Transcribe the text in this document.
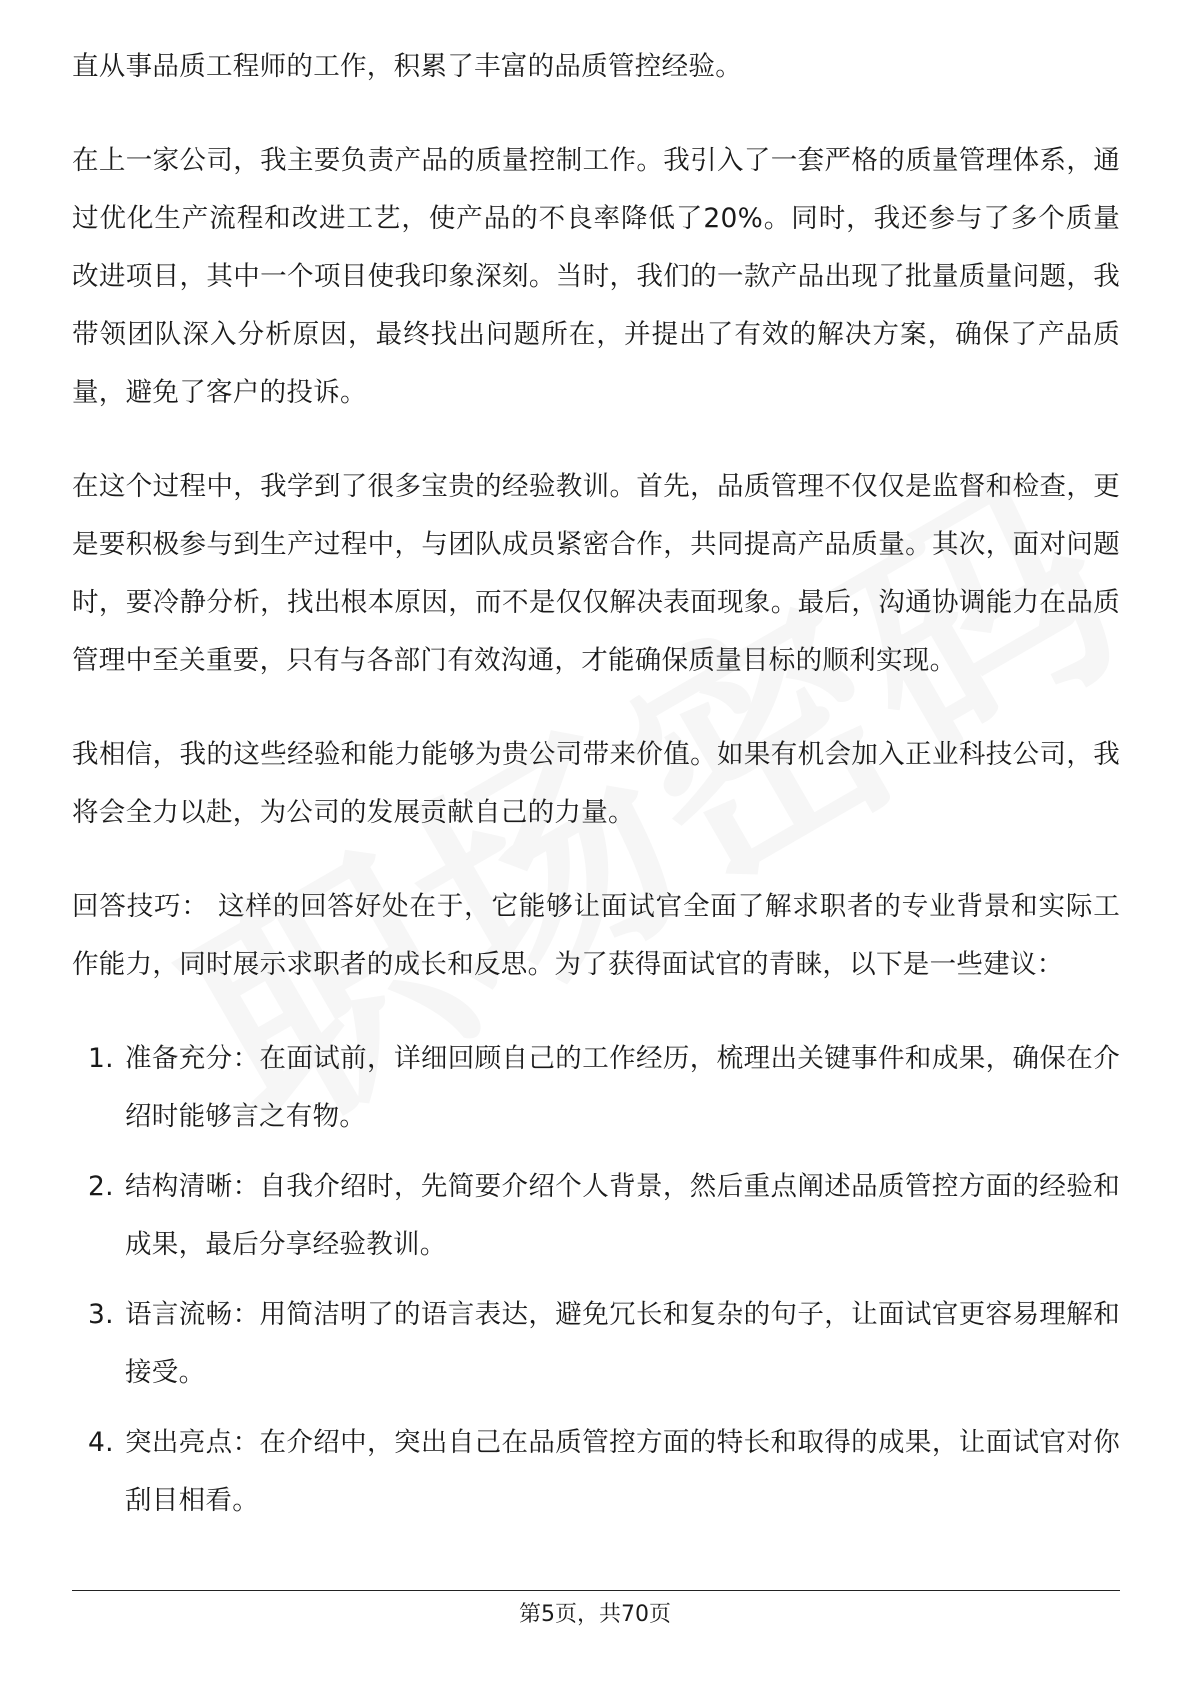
直从事品质工程师的工作，积累了丰富的品质管控经验。

在上一家公司，我主要负责产品的质量控制工作。我引入了一套严格的质量管理体系，通过优化生产流程和改进工艺，使产品的不良率降低了20%。同时，我还参与了多个质量改进项目，其中一个项目使我印象深刻。当时，我们的一款产品出现了批量质量问题，我带领团队深入分析原因，最终找出问题所在，并提出了有效的解决方案，确保了产品质量，避免了客户的投诉。

在这个过程中，我学到了很多宝贵的经验教训。首先，品质管理不仅仅是监督和检查，更是要积极参与到生产过程中，与团队成员紧密合作，共同提高产品质量。其次，面对问题时，要冷静分析，找出根本原因，而不是仅仅解决表面现象。最后，沟通协调能力在品质管理中至关重要，只有与各部门有效沟通，才能确保质量目标的顺利实现。

我相信，我的这些经验和能力能够为贵公司带来价值。如果有机会加入正业科技公司，我将会全力以赴，为公司的发展贡献自己的力量。

回答技巧： 这样的回答好处在于，它能够让面试官全面了解求职者的专业背景和实际工作能力，同时展示求职者的成长和反思。为了获得面试官的青睐，以下是一些建议：

1. 准备充分：在面试前，详细回顾自己的工作经历，梳理出关键事件和成果，确保在介绍时能够言之有物。
2. 结构清晰：自我介绍时，先简要介绍个人背景，然后重点阐述品质管控方面的经验和成果，最后分享经验教训。
3. 语言流畅：用简洁明了的语言表达，避免冗长和复杂的句子，让面试官更容易理解和接受。
4. 突出亮点：在介绍中，突出自己在品质管控方面的特长和取得的成果，让面试官对你刮目相看。
第5页，共70页
